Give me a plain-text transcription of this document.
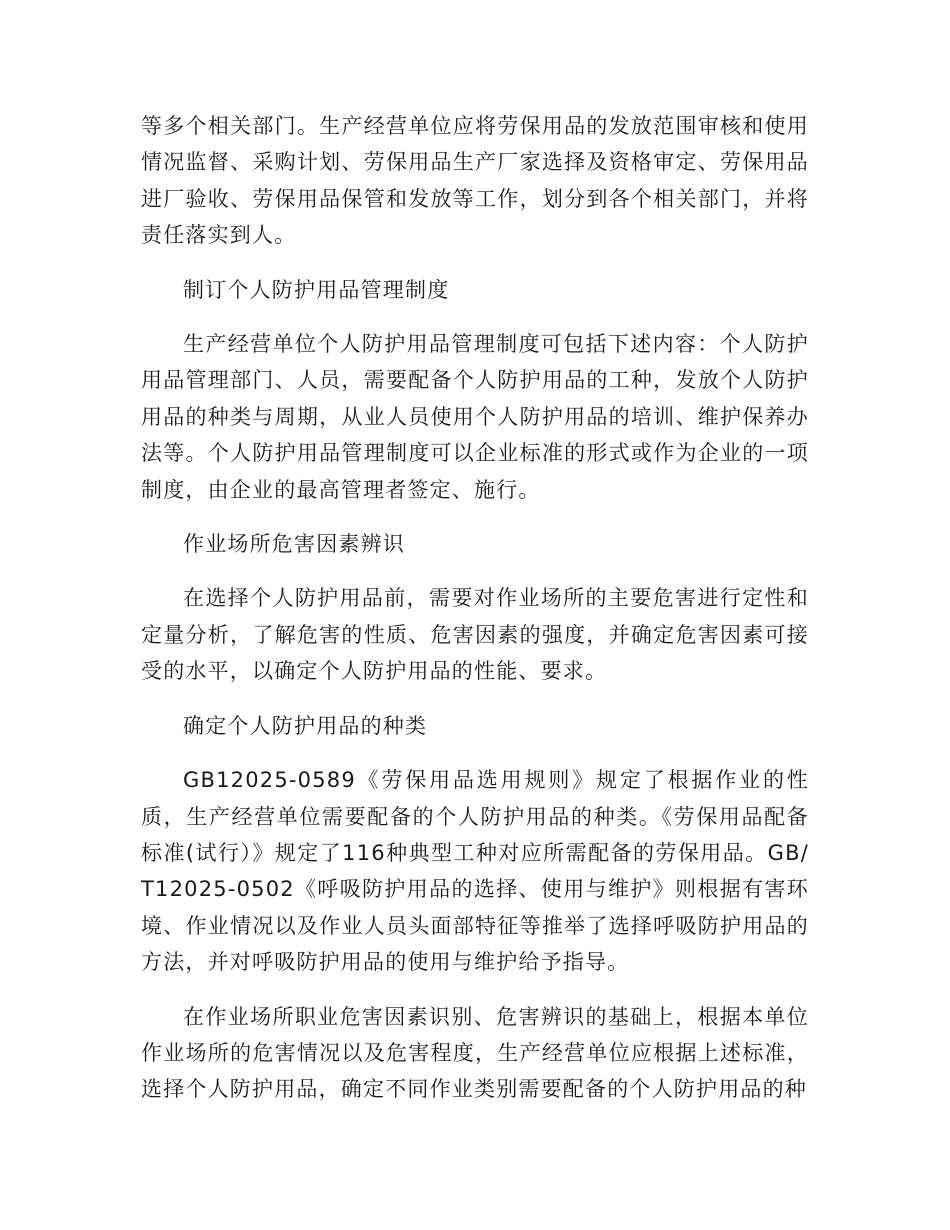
等多个相关部门。生产经营单位应将劳保用品的发放范围审核和使用情况监督、采购计划、劳保用品生产厂家选择及资格审定、劳保用品进厂验收、劳保用品保管和发放等工作，划分到各个相关部门，并将责任落实到人。

制订个人防护用品管理制度

生产经营单位个人防护用品管理制度可包括下述内容：个人防护用品管理部门、人员，需要配备个人防护用品的工种，发放个人防护用品的种类与周期，从业人员使用个人防护用品的培训、维护保养办法等。个人防护用品管理制度可以企业标准的形式或作为企业的一项制度，由企业的最高管理者签定、施行。

作业场所危害因素辨识

在选择个人防护用品前，需要对作业场所的主要危害进行定性和定量分析，了解危害的性质、危害因素的强度，并确定危害因素可接受的水平，以确定个人防护用品的性能、要求。

确定个人防护用品的种类

GB12025-0589《劳保用品选用规则》规定了根据作业的性质，生产经营单位需要配备的个人防护用品的种类。《劳保用品配备标准(试行）》规定了116种典型工种对应所需配备的劳保用品。GB/T12025-0502《呼吸防护用品的选择、使用与维护》则根据有害环境、作业情况以及作业人员头面部特征等推举了选择呼吸防护用品的方法，并对呼吸防护用品的使用与维护给予指导。

在作业场所职业危害因素识别、危害辨识的基础上，根据本单位作业场所的危害情况以及危害程度，生产经营单位应根据上述标准，选择个人防护用品，确定不同作业类别需要配备的个人防护用品的种
